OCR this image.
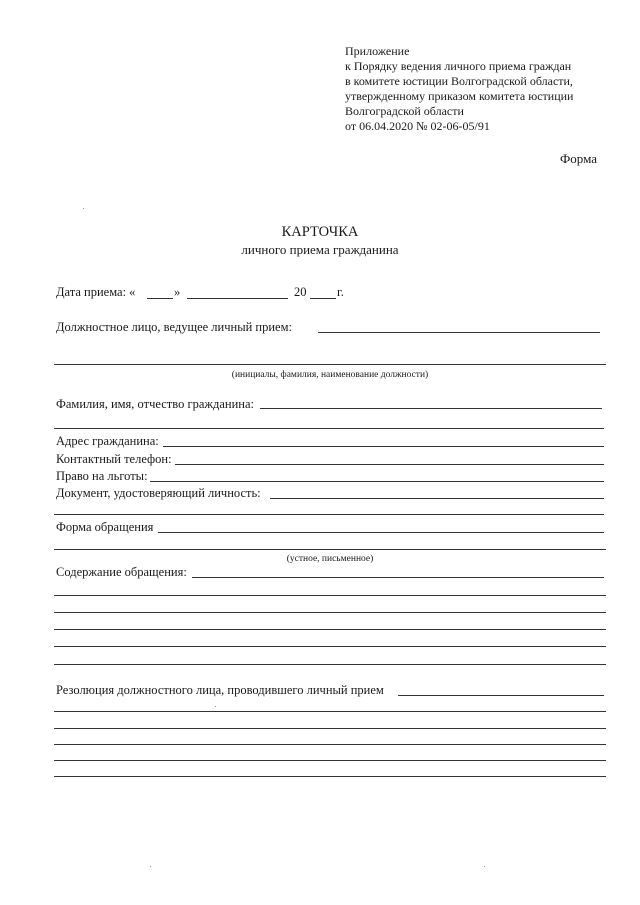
Приложение
к Порядку ведения личного приема граждан
в комитете юстиции Волгоградской области,
утвержденному приказом комитета юстиции
Волгоградской области
от 06.04.2020 № 02-06-05/91
Форма
КАРТОЧКА
личного приема гражданина
Дата приема: «	»	20 г.
Должностное лицо, ведущее личный прием:
(инициалы, фамилия, наименование должности)
Фамилия, имя, отчество гражданина:
Адрес гражданина:
Контактный телефон:
Право на льготы:
Документ, удостоверяющий личность:
Форма обращения
(устное, письменное)
Содержание обращения:
Резолюция должностного лица, проводившего личный прием
